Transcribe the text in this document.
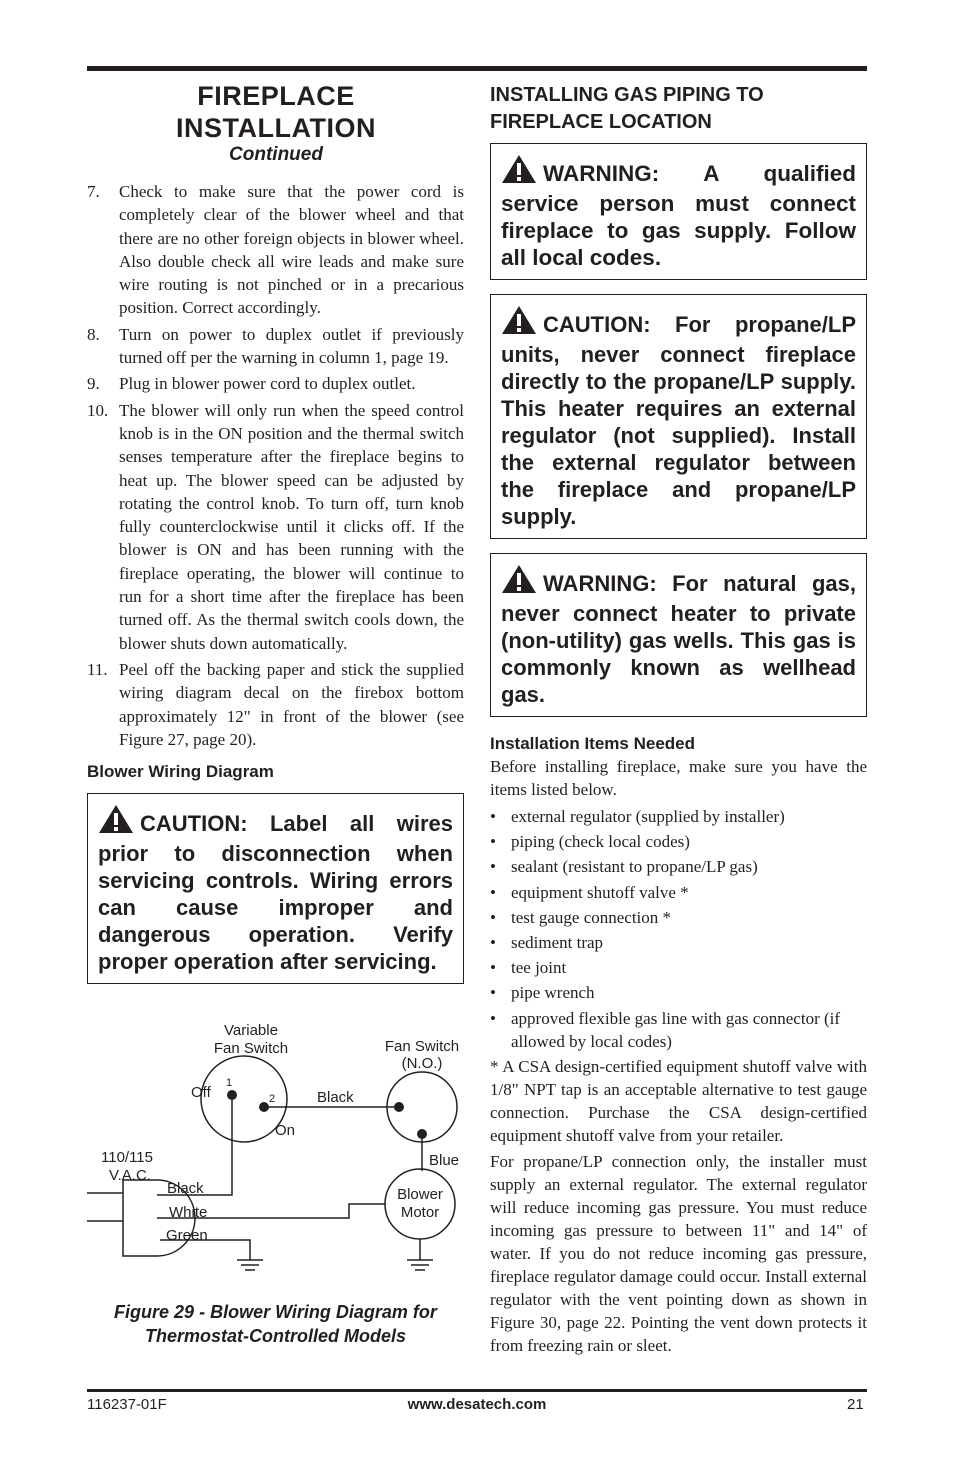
FIREPLACE
INSTALLATION
Continued
7. Check to make sure that the power cord is completely clear of the blower wheel and that there are no other foreign objects in blower wheel. Also double check all wire leads and make sure wire routing is not pinched or in a precarious position. Correct accordingly.
8. Turn on power to duplex outlet if previously turned off per the warning in column 1, page 19.
9. Plug in blower power cord to duplex outlet.
10. The blower will only run when the speed control knob is in the ON position and the thermal switch senses temperature after the fireplace begins to heat up. The blower speed can be adjusted by rotating the control knob. To turn off, turn knob fully counterclockwise until it clicks off. If the blower is ON and has been running with the fireplace operating, the blower will continue to run for a short time after the fireplace has been turned off. As the thermal switch cools down, the blower shuts down automatically.
11. Peel off the backing paper and stick the supplied wiring diagram decal on the firebox bottom approximately 12" in front of the blower (see Figure 27, page 20).
Blower Wiring Diagram
CAUTION: Label all wires prior to disconnection when servicing controls. Wiring errors can cause improper and dangerous operation. Verify proper operation after servicing.
Variable
Fan Switch	Fan Switch
(N.O.)
Off
1
2
On
Black
110/115
V.A.C.
Blue
Black
White
Green
Blower
Motor
Figure 29 - Blower Wiring Diagram for
Thermostat-Controlled Models
INSTALLING GAS PIPING TO
FIREPLACE LOCATION
WARNING: A qualified service person must connect fireplace to gas supply. Follow all local codes.
CAUTION: For propane/LP units, never connect fireplace directly to the propane/LP supply. This heater requires an external regulator (not supplied). Install the external regulator between the fireplace and propane/LP supply.
WARNING: For natural gas, never connect heater to private (non-utility) gas wells. This gas is commonly known as wellhead gas.
Installation Items Needed
Before installing fireplace, make sure you have the items listed below.
• external regulator (supplied by installer)
• piping (check local codes)
• sealant (resistant to propane/LP gas)
• equipment shutoff valve *
• test gauge connection *
• sediment trap
• tee joint
• pipe wrench
• approved flexible gas line with gas connector (if allowed by local codes)
* A CSA design-certified equipment shutoff valve with 1/8" NPT tap is an acceptable alternative to test gauge connection. Purchase the CSA design-certified equipment shutoff valve from your retailer.
For propane/LP connection only, the installer must supply an external regulator. The external regulator will reduce incoming gas pressure. You must reduce incoming gas pressure to between 11" and 14" of water. If you do not reduce incoming gas pressure, fireplace regulator damage could occur. Install external regulator with the vent pointing down as shown in Figure 30, page 22. Pointing the vent down protects it from freezing rain or sleet.
116237-01F	www.desatech.com	21
